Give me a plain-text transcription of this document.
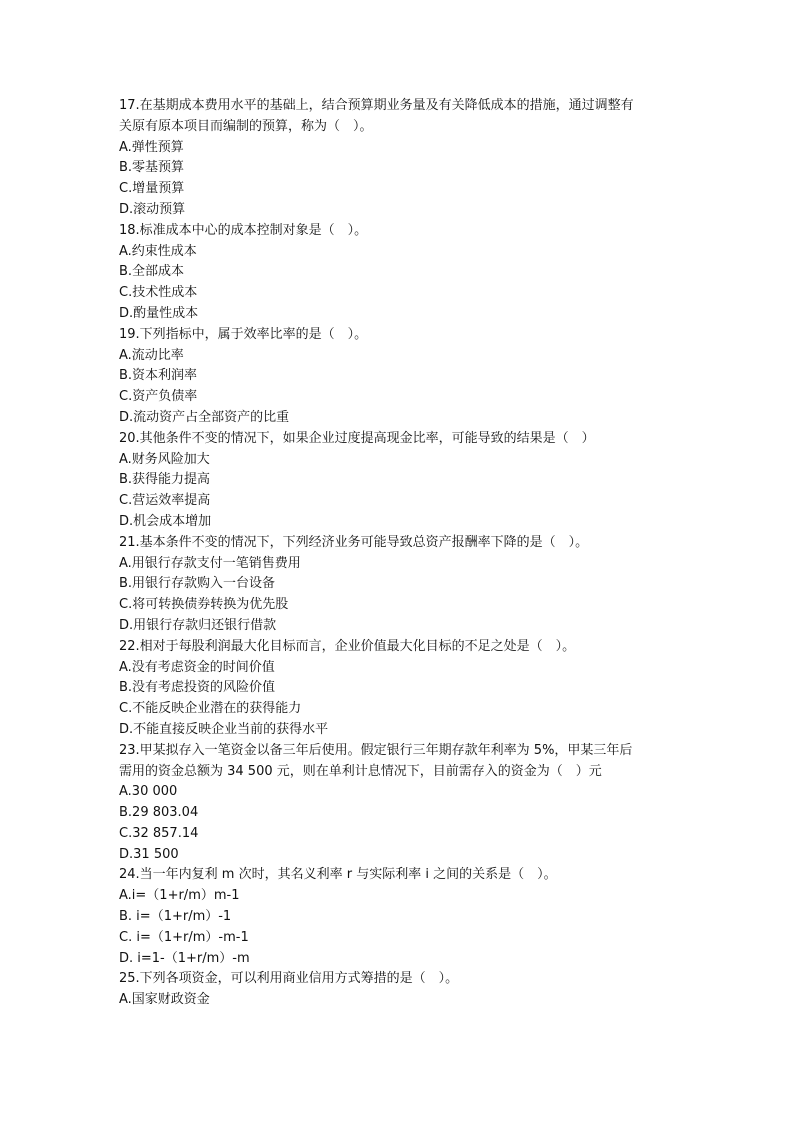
17.在基期成本费用水平的基础上，结合预算期业务量及有关降低成本的措施，通过调整有
关原有原本项目而编制的预算，称为（　）。
A.弹性预算
B.零基预算
C.增量预算
D.滚动预算
18.标准成本中心的成本控制对象是（　）。
A.约束性成本
B.全部成本
C.技术性成本
D.酌量性成本
19.下列指标中，属于效率比率的是（　）。
A.流动比率
B.资本利润率
C.资产负债率
D.流动资产占全部资产的比重
20.其他条件不变的情况下，如果企业过度提高现金比率，可能导致的结果是（　）
A.财务风险加大
B.获得能力提高
C.营运效率提高
D.机会成本增加
21.基本条件不变的情况下，下列经济业务可能导致总资产报酬率下降的是（　）。
A.用银行存款支付一笔销售费用
B.用银行存款购入一台设备
C.将可转换债券转换为优先股
D.用银行存款归还银行借款
22.相对于每股利润最大化目标而言，企业价值最大化目标的不足之处是（　）。
A.没有考虑资金的时间价值
B.没有考虑投资的风险价值
C.不能反映企业潜在的获得能力
D.不能直接反映企业当前的获得水平
23.甲某拟存入一笔资金以备三年后使用。假定银行三年期存款年利率为 5%，甲某三年后
需用的资金总额为 34 500 元，则在单利计息情况下，目前需存入的资金为（　）元
A.30 000
B.29 803.04
C.32 857.14
D.31 500
24.当一年内复利 m 次时，其名义利率 r 与实际利率 i 之间的关系是（　）。
A.i=（1+r/m）m-1
B. i=（1+r/m）-1
C. i=（1+r/m）-m-1
D. i=1-（1+r/m）-m
25.下列各项资金，可以利用商业信用方式筹措的是（　）。
A.国家财政资金
